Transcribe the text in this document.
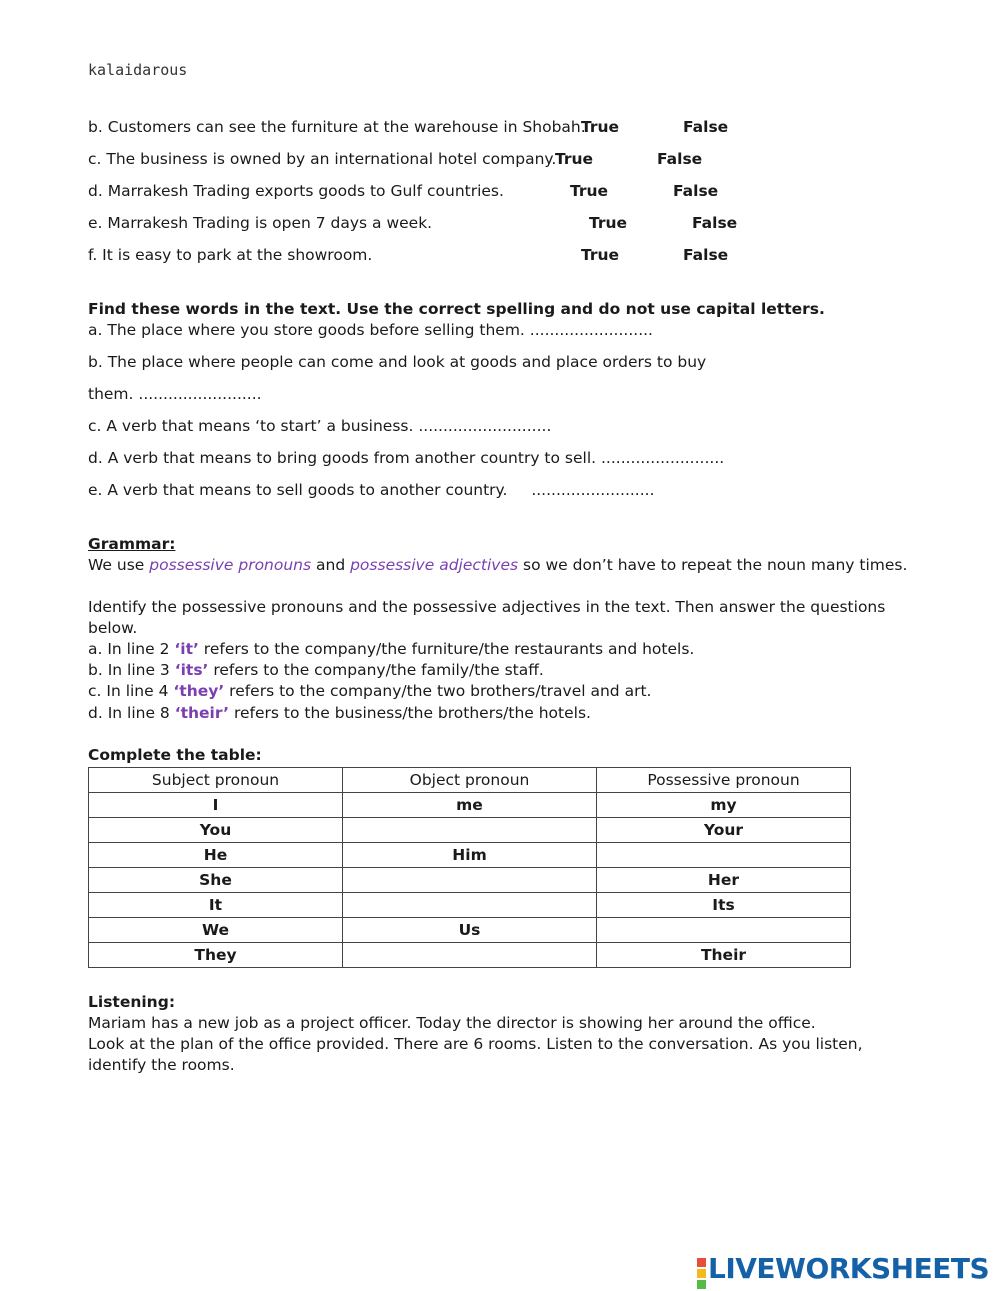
kalaidarous
b. Customers can see the furniture at the warehouse in Shobah.
True	False
c. The business is owned by an international hotel company.
True	False
d. Marrakesh Trading exports goods to Gulf countries.	True	False
e. Marrakesh Trading is open 7 days a week.	True	False
f. It is easy to park at the showroom.	True	False
Find these words in the text. Use the correct spelling and do not use capital letters.
a. The place where you store goods before selling them. .........................
b. The place where people can come and look at goods and place orders to buy
them. .........................
c. A verb that means ‘to start’ a business. ...........................
d. A verb that means to bring goods from another country to sell. .........................
e. A verb that means to sell goods to another country. .........................
Grammar:
We use possessive pronouns and possessive adjectives so we don’t have to repeat the noun many times.
Identify the possessive pronouns and the possessive adjectives in the text. Then answer the questions
below.
a. In line 2 ‘it’ refers to the company/the furniture/the restaurants and hotels.
b. In line 3 ‘its’ refers to the company/the family/the staff.
c. In line 4 ‘they’ refers to the company/the two brothers/travel and art.
d. In line 8 ‘their’ refers to the business/the brothers/the hotels.
Complete the table:
Subject pronoun	Object pronoun	Possessive pronoun
I	me	my
You		Your
He	Him	
She		Her
It		Its
We	Us	
They		Their
Listening:
Mariam has a new job as a project officer. Today the director is showing her around the office.
Look at the plan of the office provided. There are 6 rooms. Listen to the conversation. As you listen,
identify the rooms.
LIVEWORKSHEETS
